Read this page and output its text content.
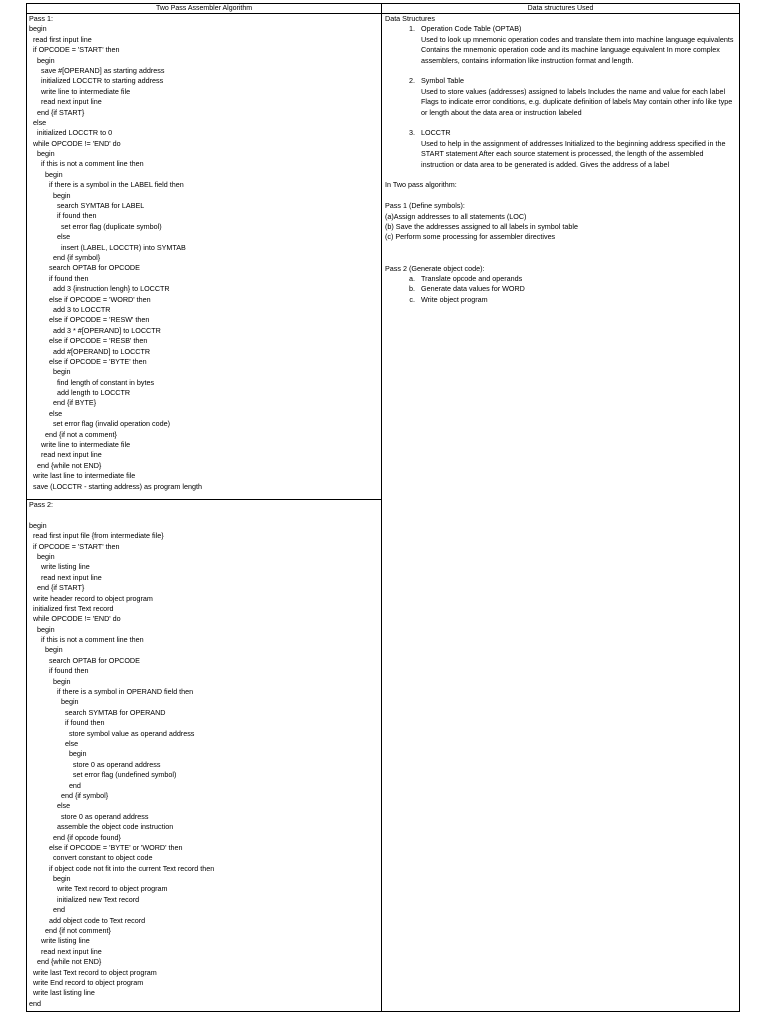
Two Pass Assembler Algorithm	Data structures Used
Pass 1:
begin
read first input line
if OPCODE = 'START' then
begin
save #[OPERAND] as starting address
initialized LOCCTR to starting address
write line to intermediate file
read next input line
end {if START}
else
initialized LOCCTR to 0
while OPCODE != 'END' do
begin
if this is not a comment line then
begin
if there is a symbol in the LABEL field then
begin
search SYMTAB for LABEL
if found then
set error flag (duplicate symbol)
else
insert (LABEL, LOCCTR) into SYMTAB
end {if symbol}
search OPTAB for OPCODE
if found then
add 3 {instruction lengh} to LOCCTR
else if OPCODE = 'WORD' then
add 3 to LOCCTR
else if OPCODE = 'RESW' then
add 3 * #[OPERAND] to LOCCTR
else if OPCODE = 'RESB' then
add #[OPERAND] to LOCCTR
else if OPCODE = 'BYTE' then
begin
find length of constant in bytes
add length to LOCCTR
end {if BYTE}
else
set error flag (invalid operation code)
end {if not a comment}
write line to intermediate file
read next input line
end {while not END}
write last line to intermediate file
save (LOCCTR - starting address) as program length
Pass 2:
begin
read first input file {from intermediate file}
if OPCODE = 'START' then
begin
write listing line
read next input line
end {if START}
write header record to object program
initialized first Text record
while OPCODE != 'END' do
begin
if this is not a comment line then
begin
search OPTAB for OPCODE
if found then
begin
if there is a symbol in OPERAND field then
begin
search SYMTAB for OPERAND
if found then
store symbol value as operand address
else
begin
store 0 as operand address
set error flag (undefined symbol)
end
end {if symbol}
else
store 0 as operand address
assemble the object code instruction
end {if opcode found}
else if OPCODE = 'BYTE' or 'WORD' then
convert constant to object code
if object code not fit into the current Text record then
begin
write Text record to object program
initialized new Text record
end
add object code to Text record
end {if not comment}
write listing line
read next input line
end {while not END}
write last Text record to object program
write End record to object program
write last listing line
end

Data Structures

1. Operation Code Table (OPTAB)

Used to look up mnemonic operation codes and translate them into machine language equivalents Contains the mnemonic operation code and its machine language equivalent In more complex assemblers, contains information like instruction format and length.

2. Symbol Table

Used to store values (addresses) assigned to labels Includes the name and value for each label Flags to indicate error conditions, e.g. duplicate definition of labels May contain other info like type or length about the data area or instruction labeled

3. LOCCTR

Used to help in the assignment of addresses Initialized to the beginning address specified in the START statement After each source statement is processed, the length of the assembled instruction or data area to be generated is added. Gives the address of a label

In Two pass algorithm:

Pass 1 (Define symbols):

(a)Assign addresses to all statements (LOC)

(b) Save the addresses assigned to all labels in symbol table

(c) Perform some processing for assembler directives

Pass 2 (Generate object code):

a. Translate opcode and operands
b. Generate data values for WORD
c. Write object program
